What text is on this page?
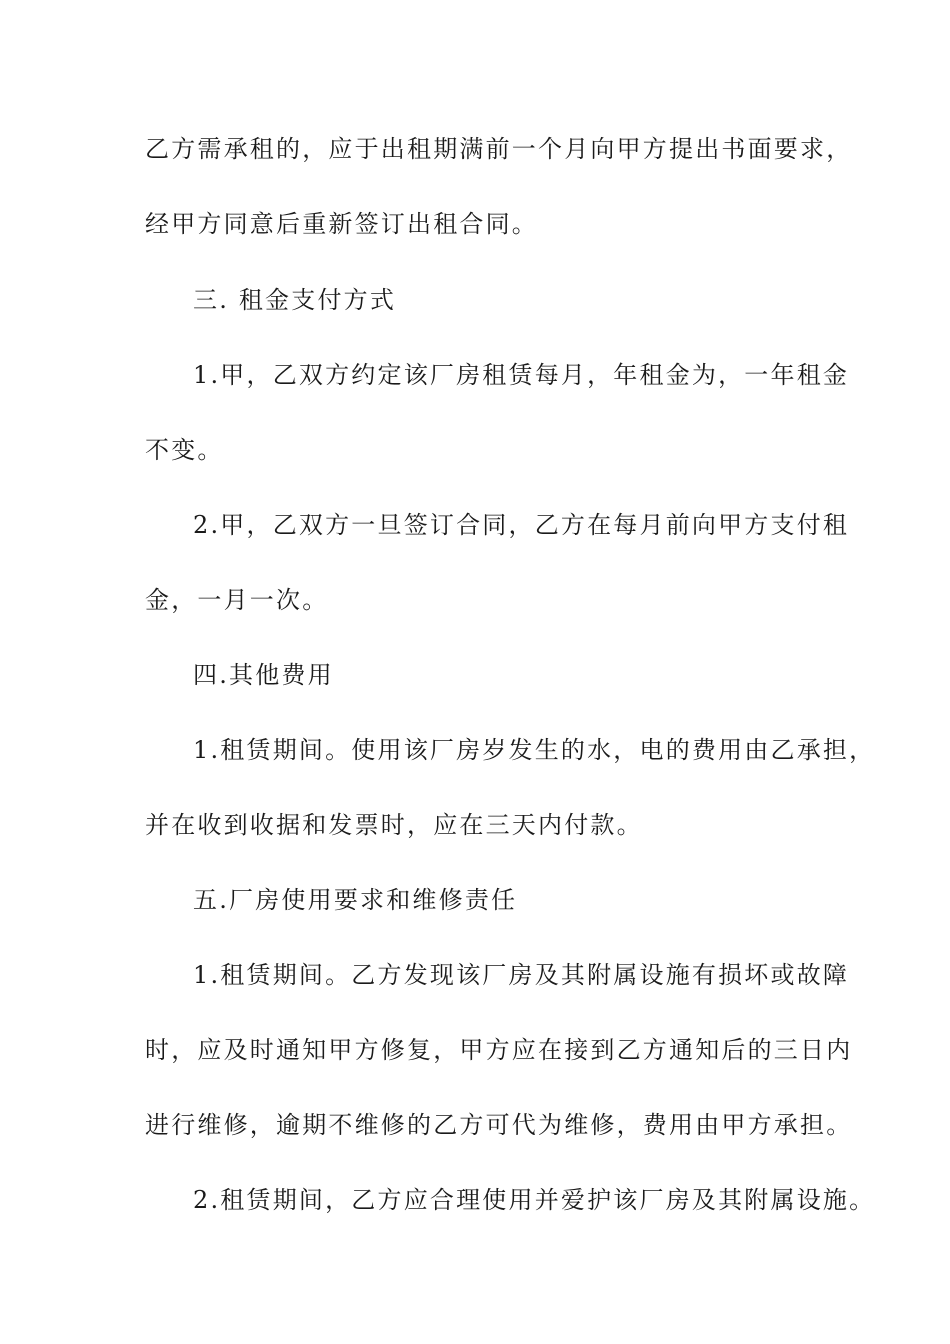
乙方需承租的，应于出租期满前一个月向甲方提出书面要求，
经甲方同意后重新签订出租合同。
三. 租金支付方式
1.甲，乙双方约定该厂房租赁每月，年租金为，一年租金
不变。
2.甲，乙双方一旦签订合同，乙方在每月前向甲方支付租
金，一月一次。
四.其他费用
1.租赁期间。使用该厂房岁发生的水，电的费用由乙承担，
并在收到收据和发票时，应在三天内付款。
五.厂房使用要求和维修责任
1.租赁期间。乙方发现该厂房及其附属设施有损坏或故障
时，应及时通知甲方修复，甲方应在接到乙方通知后的三日内
进行维修，逾期不维修的乙方可代为维修，费用由甲方承担。
2.租赁期间，乙方应合理使用并爱护该厂房及其附属设施。
